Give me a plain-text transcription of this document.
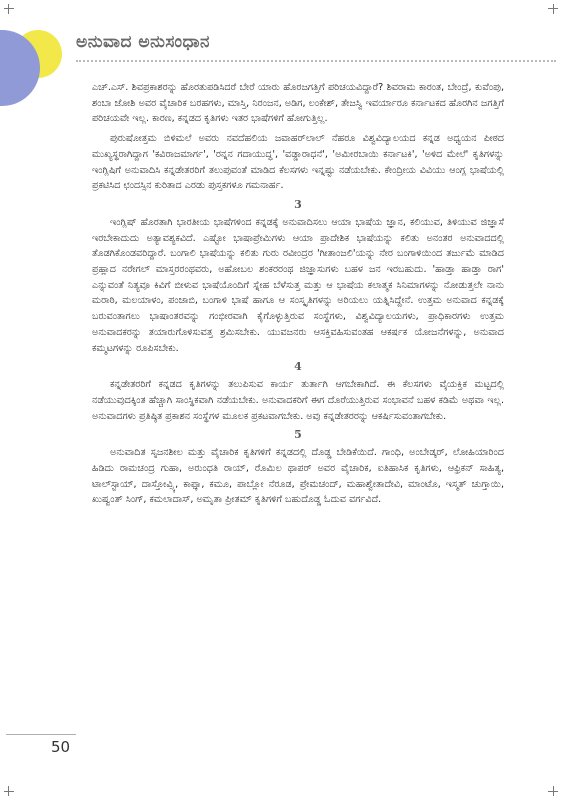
ಅನುವಾದ ಅನುಸಂಧಾನ

ಎಚ್.ಎಸ್. ಶಿವಪ್ರಕಾಶರನ್ನು ಹೊರತುಪಡಿಸಿದರೆ ಬೇರೆ ಯಾರು ಹೊರಜಗತ್ತಿಗೆ ಪರಿಚಯವಿದ್ದಾರೆ? ಶಿವರಾಮ ಕಾರಂತ, ಬೇಂದ್ರೆ, ಕುವೆಂಪು, ಶಂಬಾ ಜೋಶಿ ಅವರ ವೈಚಾರಿಕ ಬರಹಗಳು, ಮಾಸ್ತಿ, ನಿರಂಜನ, ಅಡಿಗ, ಲಂಕೇಶ್, ತೇಜಸ್ವಿ ಇವರ್ಯಾರೂ ಕರ್ನಾಟಕದ ಹೊರಗಿನ ಜಗತ್ತಿಗೆ ಪರಿಚಯವೇ ಇಲ್ಲ. ಕಾರಣ, ಕನ್ನಡದ ಕೃತಿಗಳು ಇತರ ಭಾಷೆಗಳಿಗೆ ಹೋಗುತ್ತಿಲ್ಲ.

ಪುರುಷೋತ್ತಮ ಬಿಳಿಮಲೆ ಅವರು ನವದೆಹಲಿಯ ಜವಾಹರ್‌ಲಾಲ್ ನೆಹರೂ ವಿಶ್ವವಿದ್ಯಾಲಯದ ಕನ್ನಡ ಅಧ್ಯಯನ ಪೀಠದ ಮುಖ್ಯಸ್ಥರಾಗಿದ್ದಾಗ 'ಕವಿರಾಜಮಾರ್ಗ', 'ರನ್ನನ ಗದಾಯುದ್ಧ', 'ವಡ್ಡಾರಾಧನೆ', 'ಅಮೀರಬಾಯಿ ಕರ್ನಾಟಕಿ', 'ಅಳಿದ ಮೇಲೆ' ಕೃತಿಗಳನ್ನು ಇಂಗ್ಲಿಷಿಗೆ ಅನುವಾದಿಸಿ ಕನ್ನಡೇತರರಿಗೆ ತಲುಪುವಂತೆ ಮಾಡಿದ ಕೆಲಸಗಳು ಇನ್ನಷ್ಟು ನಡೆಯಬೇಕು. ಕೇಂದ್ರೀಯ ವಿವಿಯು ಆಂಗ್ಲ ಭಾಷೆಯಲ್ಲಿ ಪ್ರಕಟಿಸಿದ ಛಂದಸ್ಸಿನ ಕುರಿತಾದ ಎರಡು ಪುಸ್ತಕಗಳೂ ಗಮನಾರ್ಹ.

3

ಇಂಗ್ಲಿಷ್ ಹೊರತಾಗಿ ಭಾರತೀಯ ಭಾಷೆಗಳಿಂದ ಕನ್ನಡಕ್ಕೆ ಅನುವಾದಿಸಲು ಆಯಾ ಭಾಷೆಯ ಜ್ಞಾನ, ಕಲಿಯುವ, ತಿಳಿಯುವ ಜಿಜ್ಞಾಸೆ ಇರಬೇಕಾದುದು ಅತ್ಯಾವಶ್ಯಕವಿದೆ. ಎಷ್ಟೋ ಭಾಷಾಪ್ರೇಮಿಗಳು ಆಯಾ ಪ್ರಾದೇಶಿಕ ಭಾಷೆಯನ್ನು ಕಲಿತು ಅನಂತರ ಅನುವಾದದಲ್ಲಿ ತೊಡಗಿಕೊಂಡವರಿದ್ದಾರೆ. ಬಂಗಾಲಿ ಭಾಷೆಯನ್ನು ಕಲಿತು ಗುರು ರವೀಂದ್ರರ 'ಗೀತಾಂಜಲಿ'ಯನ್ನು ನೇರ ಬಂಗಾಳಿಯಿಂದ ತರ್ಜುಮೆ ಮಾಡಿದ ಪ್ರಹ್ಲಾದ ನರೇಗಲ್ ಮಾಸ್ತರರಂಥವರು, ಅಹೋಬಲ ಶಂಕರರಂಥ ಜಿಜ್ಞಾಸುಗಳು ಬಹಳ ಜನ ಇರಬಹುದು. 'ಹಾಡ್ತಾ ಹಾಡ್ತಾ ರಾಗ' ಎನ್ನುವಂತೆ ನಿತ್ಯವೂ ಕಿವಿಗೆ ಬೀಳುವ ಭಾಷೆಯೊಂದಿಗೆ ಸ್ನೇಹ ಬೆಳೆಸುತ್ತ ಮತ್ತು ಆ ಭಾಷೆಯ ಕಲಾತ್ಮಕ ಸಿನಿಮಾಗಳನ್ನು ನೋಡುತ್ತಲೇ ನಾನು ಮರಾಠಿ, ಮಲಯಾಳಂ, ಪಂಜಾಬಿ, ಬಂಗಾಳಿ ಭಾಷೆ ಹಾಗೂ ಆ ಸಂಸ್ಕೃತಿಗಳನ್ನು ಅರಿಯಲು ಯತ್ನಿಸಿದ್ದೇನೆ. ಉತ್ತಮ ಅನುವಾದ ಕನ್ನಡಕ್ಕೆ ಬರುವಂತಾಗಲು ಭಾಷಾಂತರವನ್ನು ಗಂಭೀರವಾಗಿ ಕೈಗೊಳ್ಳುತ್ತಿರುವ ಸಂಸ್ಥೆಗಳು, ವಿಶ್ವವಿದ್ಯಾಲಯಗಳು, ಪ್ರಾಧಿಕಾರಗಳು ಉತ್ತಮ ಅನುವಾದಕರನ್ನು ತಯಾರುಗೊಳಿಸುವತ್ತ ಶ್ರಮಿಸಬೇಕು. ಯುವಜನರು ಆಸಕ್ತಿವಹಿಸುವಂತಹ ಆಕರ್ಷಕ ಯೋಜನೆಗಳನ್ನು, ಅನುವಾದ ಕಮ್ಮಟಗಳನ್ನು ರೂಪಿಸಬೇಕು.

4

ಕನ್ನಡೇತರರಿಗೆ ಕನ್ನಡದ ಕೃತಿಗಳನ್ನು ತಲುಪಿಸುವ ಕಾರ್ಯ ತುರ್ತಾಗಿ ಆಗಬೇಕಾಗಿದೆ. ಈ ಕೆಲಸಗಳು ವೈಯಕ್ತಿಕ ಮಟ್ಟದಲ್ಲಿ ನಡೆಯುವುದಕ್ಕಿಂತ ಹೆಚ್ಚಾಗಿ ಸಾಂಸ್ಥಿಕವಾಗಿ ನಡೆಯಬೇಕು. ಅನುವಾದಕರಿಗೆ ಈಗ ದೊರೆಯುತ್ತಿರುವ ಸಂಭಾವನೆ ಬಹಳ ಕಡಿಮೆ ಅಥವಾ ಇಲ್ಲ. ಅನುವಾದಗಳು ಪ್ರತಿಷ್ಠಿತ ಪ್ರಕಾಶನ ಸಂಸ್ಥೆಗಳ ಮೂಲಕ ಪ್ರಕಟವಾಗಬೇಕು. ಅವು ಕನ್ನಡೇತರರನ್ನು ಆಕರ್ಷಿಸುವಂತಾಗಬೇಕು.

5

ಅನುವಾದಿತ ಸೃಜನಶೀಲ ಮತ್ತು ವೈಚಾರಿಕ ಕೃತಿಗಳಿಗೆ ಕನ್ನಡದಲ್ಲಿ ದೊಡ್ಡ ಬೇಡಿಕೆಯಿದೆ. ಗಾಂಧಿ, ಅಂಬೇಡ್ಕರ್, ಲೋಹಿಯಾರಿಂದ ಹಿಡಿದು ರಾಮಚಂದ್ರ ಗುಹಾ, ಅರುಂಧತಿ ರಾಯ್, ರೊಮಿಲ ಥಾಪರ್ ಅವರ ವೈಚಾರಿಕ, ಐತಿಹಾಸಿಕ ಕೃತಿಗಳು, ಆಫ್ರಿಕನ್ ಸಾಹಿತ್ಯ, ಟಾಲ್‌ಸ್ಟಾಯ್, ದಾಸ್ತೋವ್ಸ್ಕಿ, ಕಾಫ್ಕಾ, ಕಮೂ, ಪಾಬ್ಲೋ ನೆರೂಡ, ಪ್ರೇಮಚಂದ್, ಮಹಾಶ್ವೇತಾದೇವಿ, ಮಾಂಟೊ, ಇಸ್ಮತ್ ಚುಗ್ತಾಯಿ, ಖುಷ್ವಂತ್ ಸಿಂಗ್, ಕಮಲಾದಾಸ್, ಅಮೃತಾ ಪ್ರೀತಮ್ ಕೃತಿಗಳಿಗೆ ಬಹುದೊಡ್ಡ ಓದುವ ವರ್ಗವಿದೆ.

50
